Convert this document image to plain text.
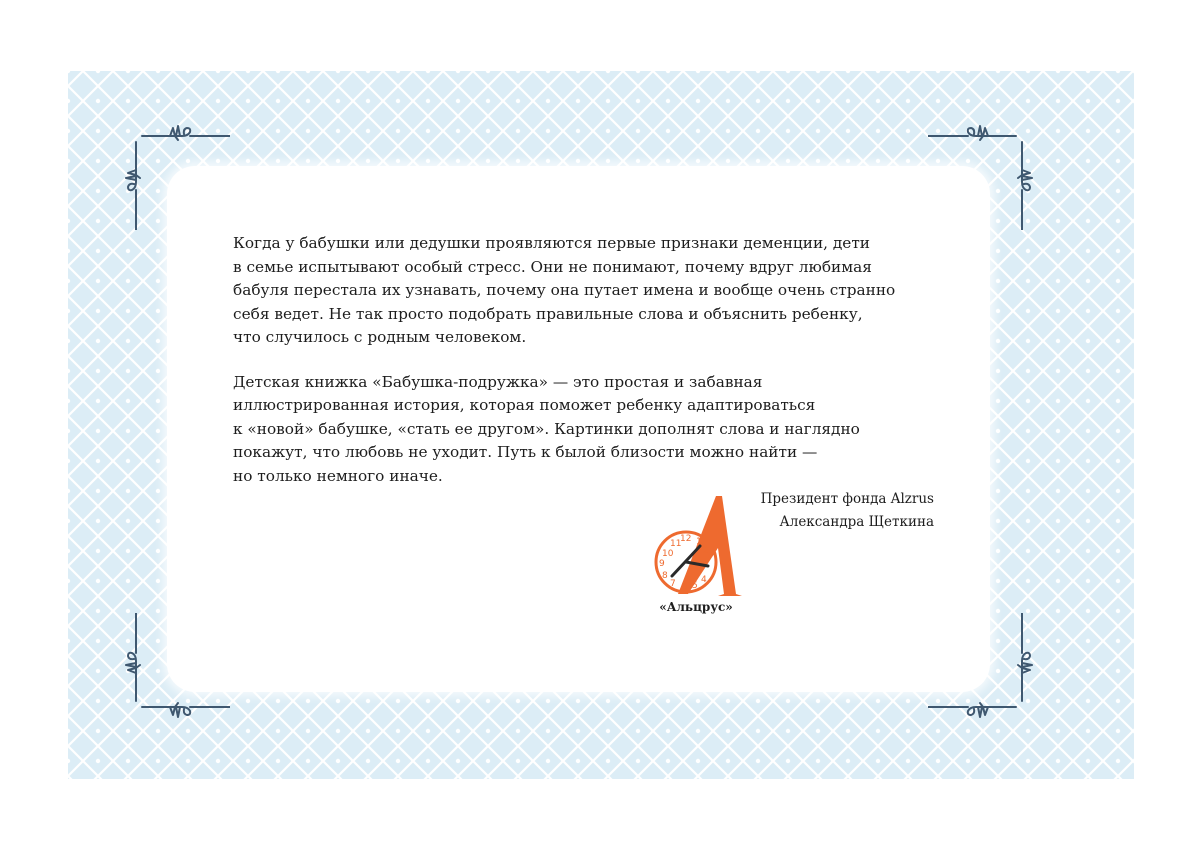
Когда у бабушки или дедушки проявляются первые признаки деменции, дети
в семье испытывают особый стресс. Они не понимают, почему вдруг любимая
бабуля перестала их узнавать, почему она путает имена и вообще очень странно
себя ведет. Не так просто подобрать правильные слова и объяснить ребенку,
что случилось с родным человеком.

Детская книжка «Бабушка-подружка» — это простая и забавная
иллюстрированная история, которая поможет ребенку адаптироваться
к «новой» бабушке, «стать ее другом». Картинки дополнят слова и наглядно
покажут, что любовь не уходит. Путь к былой близости можно найти —
но только немного иначе.

Президент фонда Alzrus
Александра Щеткина
10
11
12 1
2
9
8
7 6 5
4
«Альцрус»
